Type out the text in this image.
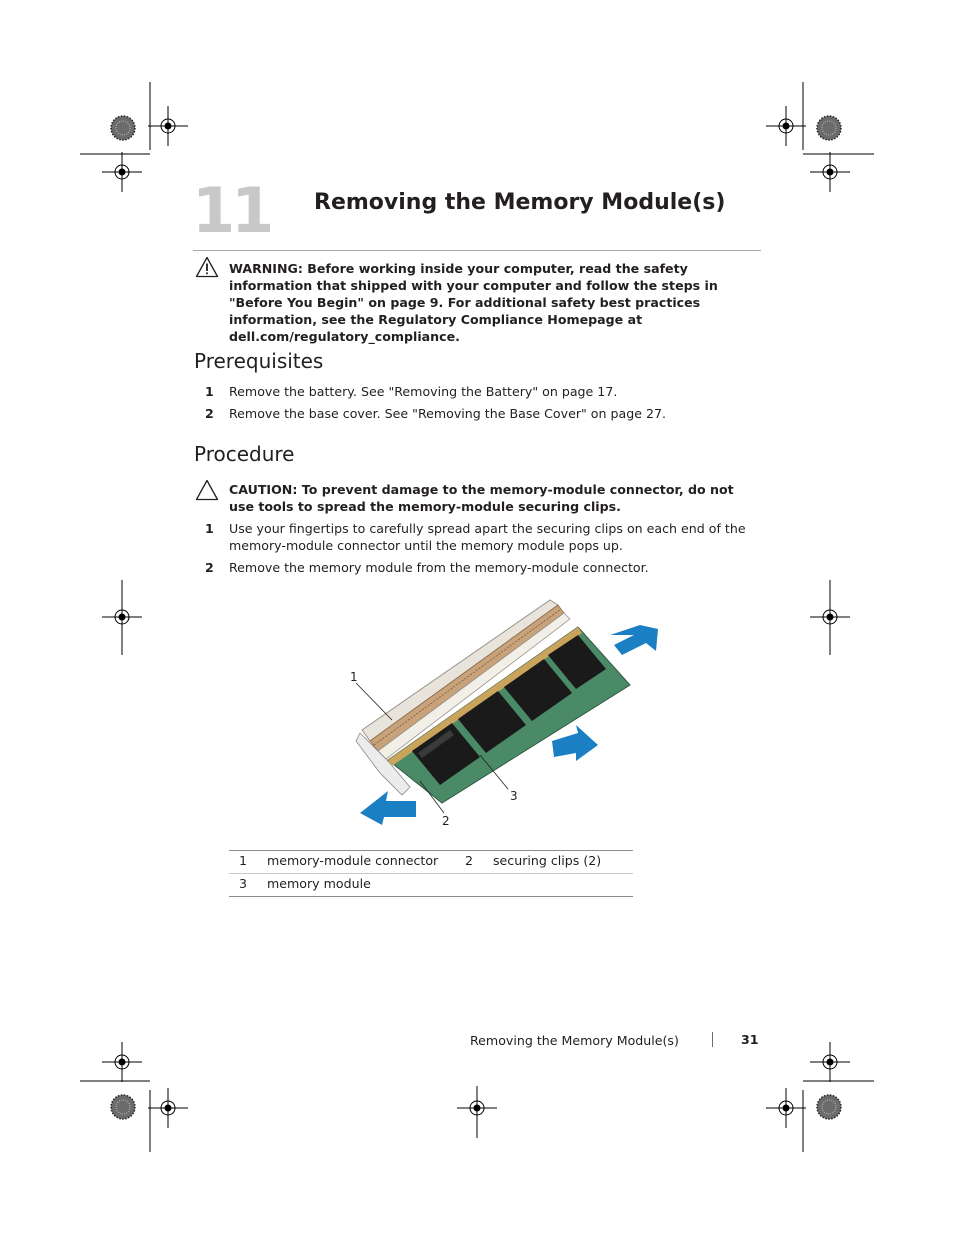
11 Removing the Memory Module(s)
WARNING: Before working inside your computer, read the safety information that shipped with your computer and follow the steps in "Before You Begin" on page 9. For additional safety best practices information, see the Regulatory Compliance Homepage at dell.com/regulatory_compliance.
Prerequisites
1 Remove the battery. See "Removing the Battery" on page 17.
2 Remove the base cover. See "Removing the Base Cover" on page 27.
Procedure
CAUTION: To prevent damage to the memory-module connector, do not use tools to spread the memory-module securing clips.
1 Use your fingertips to carefully spread apart the securing clips on each end of the memory-module connector until the memory module pops up.
2 Remove the memory module from the memory-module connector.
1
2
3
1	memory-module connector	2	securing clips (2)
3	memory module		
Removing the Memory Module(s)	31
